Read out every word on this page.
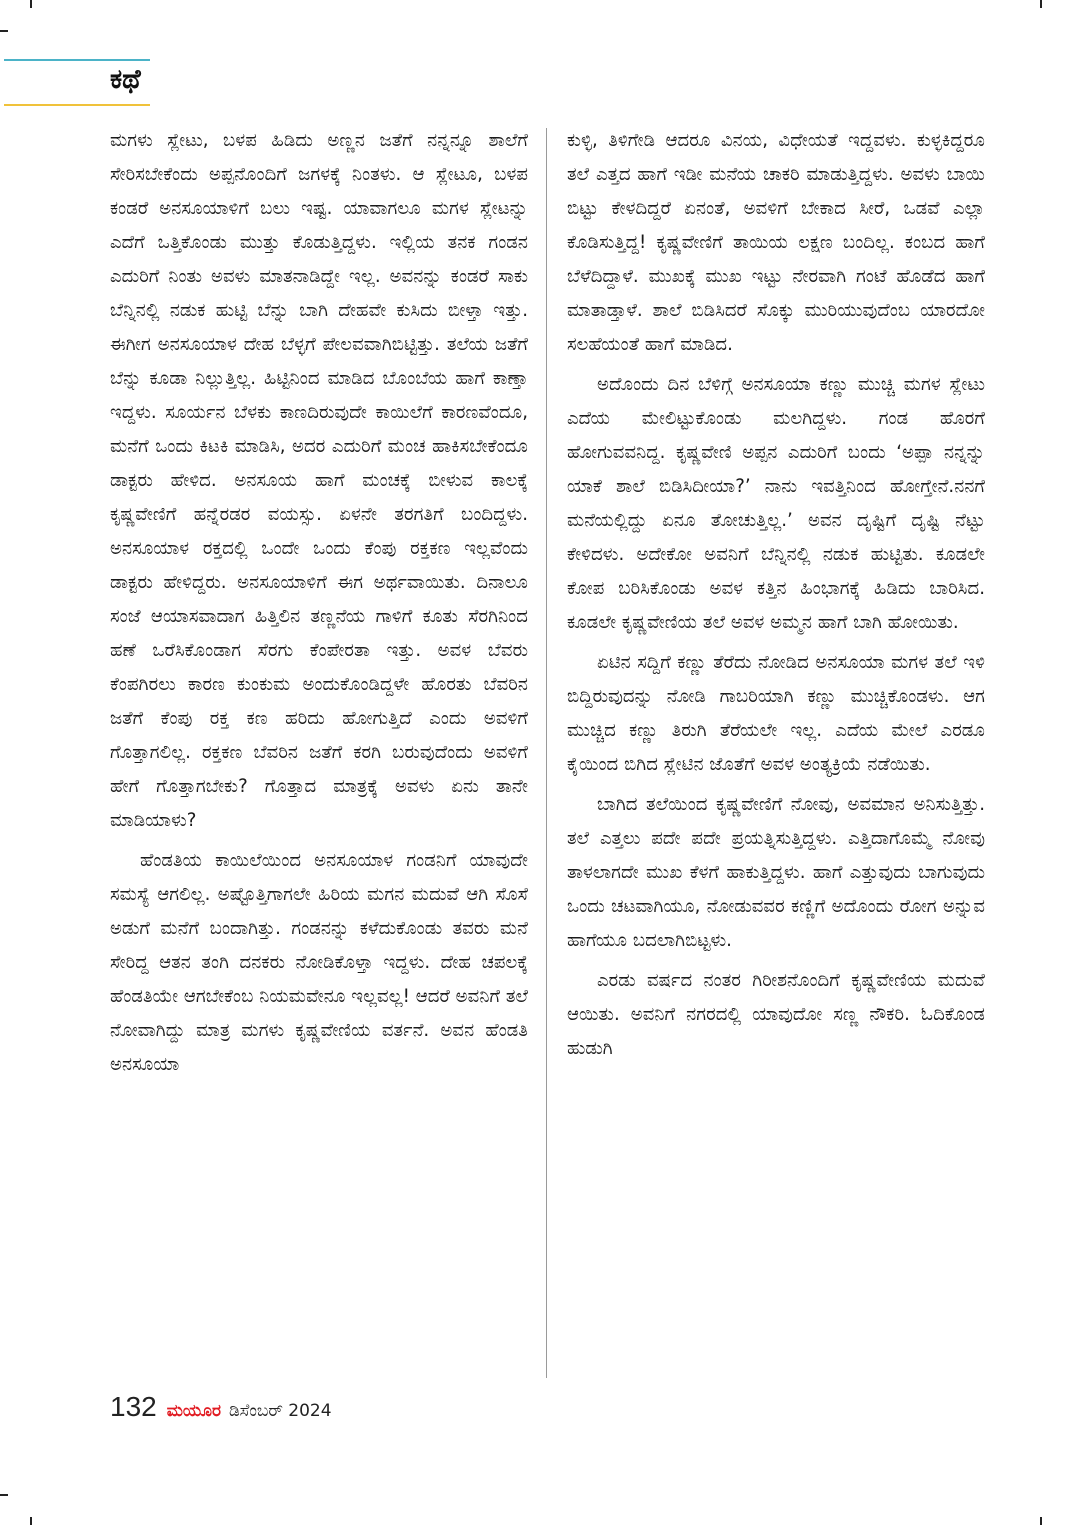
ಕಥೆ

ಮಗಳು ಸ್ಲೇಟು, ಬಳಪ ಹಿಡಿದು ಅಣ್ಣನ ಜತೆಗೆ ನನ್ನನ್ನೂ ಶಾಲೆಗೆ ಸೇರಿಸಬೇಕೆಂದು ಅಪ್ಪನೊಂದಿಗೆ ಜಗಳಕ್ಕೆ ನಿಂತಳು. ಆ ಸ್ಲೇಟೂ, ಬಳಪ ಕಂಡರೆ ಅನಸೂಯಾಳಿಗೆ ಬಲು ಇಷ್ಟ. ಯಾವಾಗಲೂ ಮಗಳ ಸ್ಲೇಟನ್ನು ಎದೆಗೆ ಒತ್ತಿಕೊಂಡು ಮುತ್ತು ಕೊಡುತ್ತಿದ್ದಳು. ಇಲ್ಲಿಯ ತನಕ ಗಂಡನ ಎದುರಿಗೆ ನಿಂತು ಅವಳು ಮಾತನಾಡಿದ್ದೇ ಇಲ್ಲ. ಅವನನ್ನು ಕಂಡರೆ ಸಾಕು ಬೆನ್ನಿನಲ್ಲಿ ನಡುಕ ಹುಟ್ಟಿ ಬೆನ್ನು ಬಾಗಿ ದೇಹವೇ ಕುಸಿದು ಬೀಳ್ತಾ ಇತ್ತು. ಈಗೀಗ ಅನಸೂಯಾಳ ದೇಹ ಬೆಳ್ಳಗೆ ಪೇಲವವಾಗಿಬಿಟ್ಟಿತ್ತು. ತಲೆಯ ಜತೆಗೆ ಬೆನ್ನು ಕೂಡಾ ನಿಲ್ಲುತ್ತಿಲ್ಲ. ಹಿಟ್ಟಿನಿಂದ ಮಾಡಿದ ಬೊಂಬೆಯ ಹಾಗೆ ಕಾಣ್ತಾ ಇದ್ದಳು. ಸೂರ್ಯನ ಬೆಳಕು ಕಾಣದಿರುವುದೇ ಕಾಯಿಲೆಗೆ ಕಾರಣವೆಂದೂ, ಮನೆಗೆ ಒಂದು ಕಿಟಕಿ ಮಾಡಿಸಿ, ಅದರ ಎದುರಿಗೆ ಮಂಚ ಹಾಕಿಸಬೇಕೆಂದೂ ಡಾಕ್ಟರು ಹೇಳಿದ. ಅನಸೂಯ ಹಾಗೆ ಮಂಚಕ್ಕೆ ಬೀಳುವ ಕಾಲಕ್ಕೆ ಕೃಷ್ಣವೇಣಿಗೆ ಹನ್ನೆರಡರ ವಯಸ್ಸು. ಏಳನೇ ತರಗತಿಗೆ ಬಂದಿದ್ದಳು. ಅನಸೂಯಾಳ ರಕ್ತದಲ್ಲಿ ಒಂದೇ ಒಂದು ಕೆಂಪು ರಕ್ತಕಣ ಇಲ್ಲವೆಂದು ಡಾಕ್ಟರು ಹೇಳಿದ್ದರು. ಅನಸೂಯಾಳಿಗೆ ಈಗ ಅರ್ಥವಾಯಿತು. ದಿನಾಲೂ ಸಂಜೆ ಆಯಾಸವಾದಾಗ ಹಿತ್ತಿಲಿನ ತಣ್ಣನೆಯ ಗಾಳಿಗೆ ಕೂತು ಸೆರಗಿನಿಂದ ಹಣೆ ಒರೆಸಿಕೊಂಡಾಗ ಸೆರಗು ಕೆಂಪೇರತಾ ಇತ್ತು. ಅವಳ ಬೆವರು ಕೆಂಪಗಿರಲು ಕಾರಣ ಕುಂಕುಮ ಅಂದುಕೊಂಡಿದ್ದಳೇ ಹೊರತು ಬೆವರಿನ ಜತೆಗೆ ಕೆಂಪು ರಕ್ತ ಕಣ ಹರಿದು ಹೋಗುತ್ತಿದೆ ಎಂದು ಅವಳಿಗೆ ಗೊತ್ತಾಗಲಿಲ್ಲ. ರಕ್ತಕಣ ಬೆವರಿನ ಜತೆಗೆ ಕರಗಿ ಬರುವುದೆಂದು ಅವಳಿಗೆ ಹೇಗೆ ಗೊತ್ತಾಗಬೇಕು? ಗೊತ್ತಾದ ಮಾತ್ರಕ್ಕೆ ಅವಳು ಏನು ತಾನೇ ಮಾಡಿಯಾಳು?

ಹೆಂಡತಿಯ ಕಾಯಿಲೆಯಿಂದ ಅನಸೂಯಾಳ ಗಂಡನಿಗೆ ಯಾವುದೇ ಸಮಸ್ಯೆ ಆಗಲಿಲ್ಲ. ಅಷ್ಟೊತ್ತಿಗಾಗಲೇ ಹಿರಿಯ ಮಗನ ಮದುವೆ ಆಗಿ ಸೊಸೆ ಅಡುಗೆ ಮನೆಗೆ ಬಂದಾಗಿತ್ತು. ಗಂಡನನ್ನು ಕಳೆದುಕೊಂಡು ತವರು ಮನೆ ಸೇರಿದ್ದ ಆತನ ತಂಗಿ ದನಕರು ನೋಡಿಕೊಳ್ತಾ ಇದ್ದಳು. ದೇಹ ಚಪಲಕ್ಕೆ ಹೆಂಡತಿಯೇ ಆಗಬೇಕೆಂಬ ನಿಯಮವೇನೂ ಇಲ್ಲವಲ್ಲ! ಆದರೆ ಅವನಿಗೆ ತಲೆ ನೋವಾಗಿದ್ದು ಮಾತ್ರ ಮಗಳು ಕೃಷ್ಣವೇಣಿಯ ವರ್ತನೆ. ಅವನ ಹೆಂಡತಿ ಅನಸೂಯಾ

ಕುಳ್ಳಿ, ತಿಳಿಗೇಡಿ ಆದರೂ ವಿನಯ, ವಿಧೇಯತೆ ಇದ್ದವಳು. ಕುಳ್ಳಕಿದ್ದರೂ ತಲೆ ಎತ್ತದ ಹಾಗೆ ಇಡೀ ಮನೆಯ ಚಾಕರಿ ಮಾಡುತ್ತಿದ್ದಳು. ಅವಳು ಬಾಯಿ ಬಿಟ್ಟು ಕೇಳದಿದ್ದರೆ ಏನಂತೆ, ಅವಳಿಗೆ ಬೇಕಾದ ಸೀರೆ, ಒಡವೆ ಎಲ್ಲಾ ಕೊಡಿಸುತ್ತಿದ್ದ! ಕೃಷ್ಣವೇಣಿಗೆ ತಾಯಿಯ ಲಕ್ಷಣ ಬಂದಿಲ್ಲ. ಕಂಬದ ಹಾಗೆ ಬೆಳೆದಿದ್ದಾಳೆ. ಮುಖಕ್ಕೆ ಮುಖ ಇಟ್ಟು ನೇರವಾಗಿ ಗಂಟೆ ಹೊಡೆದ ಹಾಗೆ ಮಾತಾಡ್ತಾಳೆ. ಶಾಲೆ ಬಿಡಿಸಿದರೆ ಸೊಕ್ಕು ಮುರಿಯುವುದೆಂಬ ಯಾರದೋ ಸಲಹೆಯಂತೆ ಹಾಗೆ ಮಾಡಿದ.

ಅದೊಂದು ದಿನ ಬೆಳಿಗ್ಗೆ ಅನಸೂಯಾ ಕಣ್ಣು ಮುಚ್ಚಿ ಮಗಳ ಸ್ಲೇಟು ಎದೆಯ ಮೇಲಿಟ್ಟುಕೊಂಡು ಮಲಗಿದ್ದಳು. ಗಂಡ ಹೊರಗೆ ಹೋಗುವವನಿದ್ದ. ಕೃಷ್ಣವೇಣಿ ಅಪ್ಪನ ಎದುರಿಗೆ ಬಂದು ‘ಅಪ್ಪಾ ನನ್ನನ್ನು ಯಾಕೆ ಶಾಲೆ ಬಿಡಿಸಿದೀಯಾ?’ ನಾನು ಇವತ್ತಿನಿಂದ ಹೋಗ್ತೇನೆ.ನನಗೆ ಮನೆಯಲ್ಲಿದ್ದು ಏನೂ ತೋಚುತ್ತಿಲ್ಲ.’ ಅವನ ದೃಷ್ಟಿಗೆ ದೃಷ್ಟಿ ನೆಟ್ಟು ಕೇಳಿದಳು. ಅದೇಕೋ ಅವನಿಗೆ ಬೆನ್ನಿನಲ್ಲಿ ನಡುಕ ಹುಟ್ಟಿತು. ಕೂಡಲೇ ಕೋಪ ಬರಿಸಿಕೊಂಡು ಅವಳ ಕತ್ತಿನ ಹಿಂಭಾಗಕ್ಕೆ ಹಿಡಿದು ಬಾರಿಸಿದ. ಕೂಡಲೇ ಕೃಷ್ಣವೇಣಿಯ ತಲೆ ಅವಳ ಅಮ್ಮನ ಹಾಗೆ ಬಾಗಿ ಹೋಯಿತು.

ಏಟಿನ ಸದ್ದಿಗೆ ಕಣ್ಣು ತೆರೆದು ನೋಡಿದ ಅನಸೂಯಾ ಮಗಳ ತಲೆ ಇಳಿ ಬಿದ್ದಿರುವುದನ್ನು ನೋಡಿ ಗಾಬರಿಯಾಗಿ ಕಣ್ಣು ಮುಚ್ಚಿಕೊಂಡಳು. ಆಗ ಮುಚ್ಚಿದ ಕಣ್ಣು ತಿರುಗಿ ತೆರೆಯಲೇ ಇಲ್ಲ. ಎದೆಯ ಮೇಲೆ ಎರಡೂ ಕೈಯಿಂದ ಬಿಗಿದ ಸ್ಲೇಟಿನ ಜೊತೆಗೆ ಅವಳ ಅಂತ್ಯಕ್ರಿಯೆ ನಡೆಯಿತು.

ಬಾಗಿದ ತಲೆಯಿಂದ ಕೃಷ್ಣವೇಣಿಗೆ ನೋವು, ಅವಮಾನ ಅನಿಸುತ್ತಿತ್ತು. ತಲೆ ಎತ್ತಲು ಪದೇ ಪದೇ ಪ್ರಯತ್ನಿಸುತ್ತಿದ್ದಳು. ಎತ್ತಿದಾಗೊಮ್ಮೆ ನೋವು ತಾಳಲಾಗದೇ ಮುಖ ಕೆಳಗೆ ಹಾಕುತ್ತಿದ್ದಳು. ಹಾಗೆ ಎತ್ತುವುದು ಬಾಗುವುದು ಒಂದು ಚಟವಾಗಿಯೂ, ನೋಡುವವರ ಕಣ್ಣಿಗೆ ಅದೊಂದು ರೋಗ ಅನ್ನುವ ಹಾಗೆಯೂ ಬದಲಾಗಿಬಿಟ್ಟಳು.

ಎರಡು ವರ್ಷದ ನಂತರ ಗಿರೀಶನೊಂದಿಗೆ ಕೃಷ್ಣವೇಣಿಯ ಮದುವೆ ಆಯಿತು. ಅವನಿಗೆ ನಗರದಲ್ಲಿ ಯಾವುದೋ ಸಣ್ಣ ನೌಕರಿ. ಓದಿಕೊಂಡ ಹುಡುಗಿ

132 ಮಯೂರ ಡಿಸೆಂಬರ್ 2024
